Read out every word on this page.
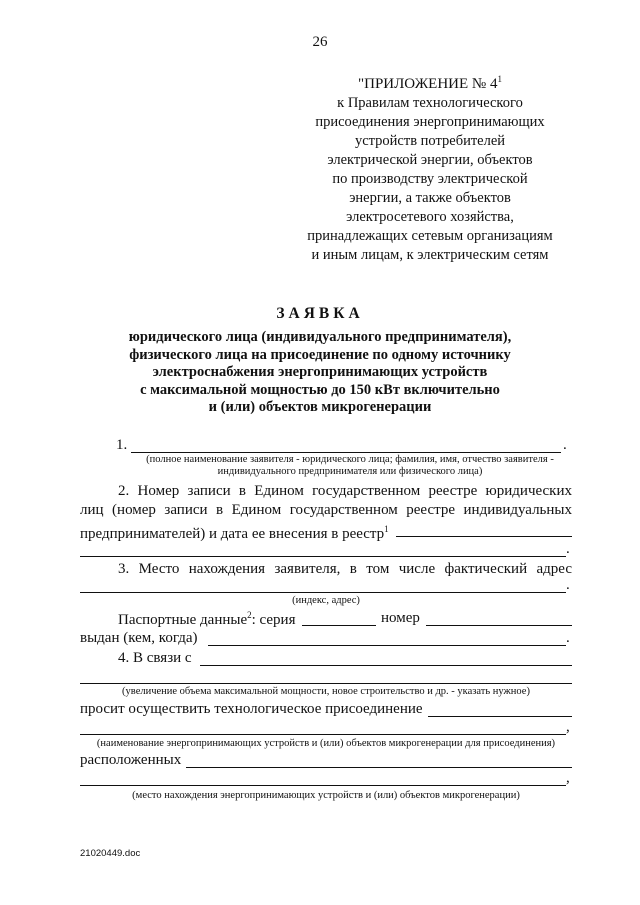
26
"ПРИЛОЖЕНИЕ № $4^1$
к Правилам технологического
присоединения энергопринимающих
устройств потребителей
электрической энергии, объектов
по производству электрической
энергии, а также объектов
электросетевого хозяйства,
принадлежащих сетевым организациям
и иным лицам, к электрическим сетям
ЗАЯВКА
юридического лица (индивидуального предпринимателя),
физического лица на присоединение по одному источнику
электроснабжения энергопринимающих устройств
с максимальной мощностью до 150 кВт включительно
и (или) объектов микрогенерации
1.	.
(полное наименование заявителя - юридического лица; фамилия, имя, отчество заявителя -
индивидуального предпринимателя или физического лица)
2. Номер записи в Едином государственном реестре юридических
лиц (номер записи в Едином государственном реестре индивидуальных
предпринимателей) и дата ее внесения в реестр$^1$
.
3. Место нахождения заявителя, в том числе фактический адрес
.
(индекс, адрес)
Паспортные данные$^2$: серия	номер
выдан (кем, когда)	.
4. В связи с
(увеличение объема максимальной мощности, новое строительство и др. - указать нужное)
просит осуществить технологическое присоединение
,
(наименование энергопринимающих устройств и (или) объектов микрогенерации для присоединения)
расположенных
,
(место нахождения энергопринимающих устройств и (или) объектов микрогенерации)
21020449.doc
